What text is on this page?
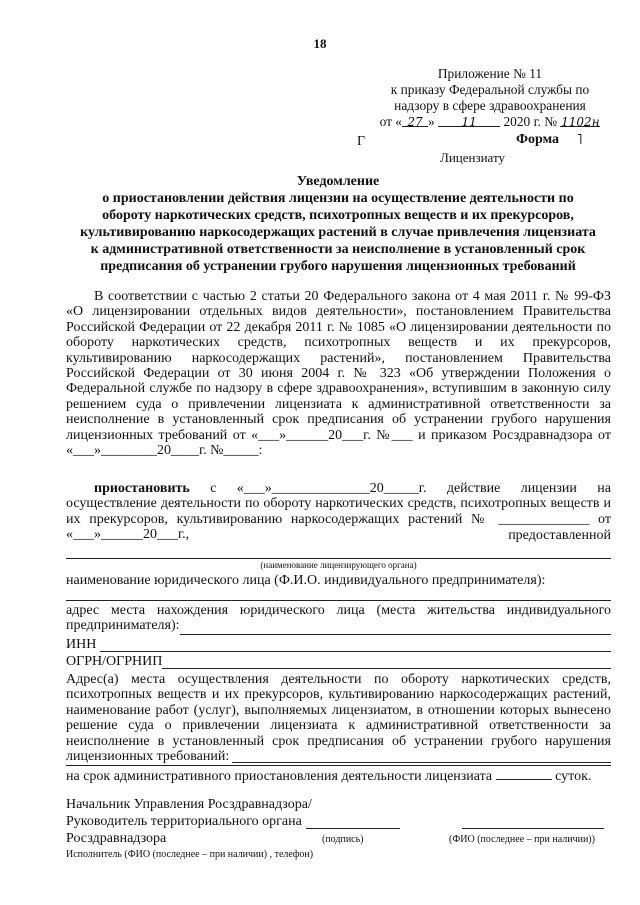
18
Приложение № 11
к приказу Федеральной службы по
надзору в сфере здравоохранения
от « 27 » 11 2020 г. № 1102н
Г	Форма ˥
Лицензиату
Уведомление
о приостановлении действия лицензии на осуществление деятельности по
обороту наркотических средств, психотропных веществ и их прекурсоров,
культивированию наркосодержащих растений в случае привлечения лицензиата
к административной ответственности за неисполнение в установленный срок
предписания об устранении грубого нарушения лицензионных требований

В соответствии с частью 2 статьи 20 Федерального закона от 4 мая 2011 г. № 99-ФЗ «О лицензировании отдельных видов деятельности», постановлением Правительства Российской Федерации от 22 декабря 2011 г. № 1085 «О лицензировании деятельности по обороту наркотических средств, психотропных веществ и их прекурсоров, культивированию наркосодержащих растений», постановлением Правительства Российской Федерации от 30 июня 2004 г. № 323 «Об утверждении Положения о Федеральной службе по надзору в сфере здравоохранения», вступившим в законную силу решением суда о привлечении лицензиата к административной ответственности за неисполнение в установленный срок предписания об устранении грубого нарушения лицензионных требований от «___»______20___г. №___ и приказом Росздравнадзора от «___»________20____г. №_____:

приостановить с «___»______________20_____г. действие лицензии на осуществление деятельности по обороту наркотических средств, психотропных веществ и их прекурсоров, культивированию наркосодержащих растений № _____________ от «___»______20___г.,	предоставленной
(наименование лицензирующего органа)
наименование юридического лица (Ф.И.О. индивидуального предпринимателя):
адрес места нахождения юридического лица (места жительства индивидуального предпринимателя):
ИНН
ОГРН/ОГРНИП
Адрес(а) места осуществления деятельности по обороту наркотических средств, психотропных веществ и их прекурсоров, культивированию наркосодержащих растений, наименование работ (услуг), выполняемых лицензиатом, в отношении которых вынесено решение суда о привлечении лицензиата к административной ответственности за неисполнение в установленный срок предписания об устранении грубого нарушения лицензионных требований:
на срок административного приостановления деятельности лицензиата	суток.
Начальник Управления Росздравнадзора/
Руководитель территориального органа
Росздравнадзора	(подпись)	(ФИО (последнее – при наличии))
Исполнитель (ФИО (последнее – при наличии) , телефон)
